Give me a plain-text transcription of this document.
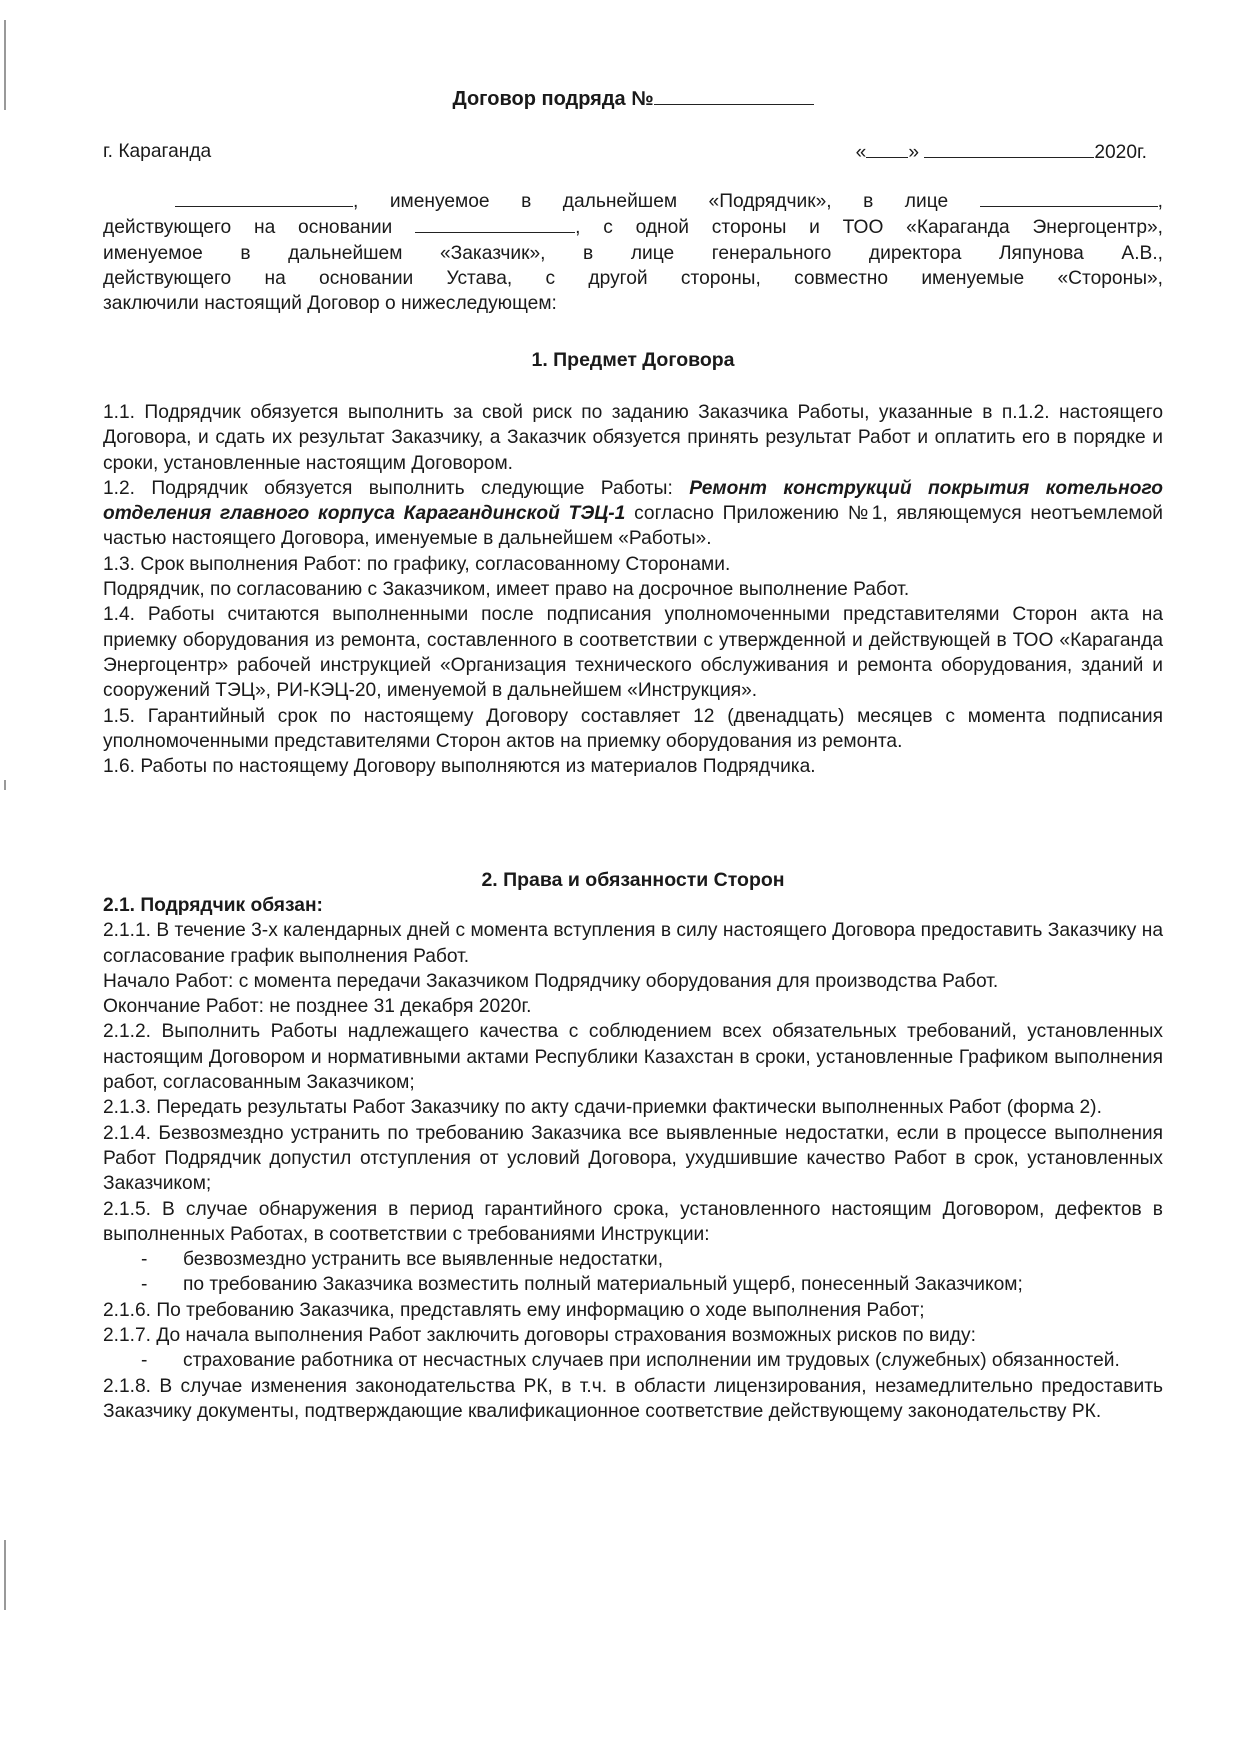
Договор подряда №
г. Караганда	« »	2020г.

, именуемое в дальнейшем «Подрядчик», в лице	,

действующего на основании	, с одной стороны и ТОО «Караганда Энергоцентр»,

именуемое в дальнейшем «Заказчик», в лице генерального директора Ляпунова А.В.,

действующего на основании Устава, с другой стороны, совместно именуемые «Стороны»,

заключили настоящий Договор о нижеследующем:

1. Предмет Договора

1.1. Подрядчик обязуется выполнить за свой риск по заданию Заказчика Работы, указанные в п.1.2. настоящего Договора, и сдать их результат Заказчику, а Заказчик обязуется принять результат Работ и оплатить его в порядке и сроки, установленные настоящим Договором.

1.2. Подрядчик обязуется выполнить следующие Работы: Ремонт конструкций покрытия котельного отделения главного корпуса Карагандинской ТЭЦ-1 согласно Приложению №1, являющемуся неотъемлемой частью настоящего Договора, именуемые в дальнейшем «Работы».

1.3. Срок выполнения Работ: по графику, согласованному Сторонами.

Подрядчик, по согласованию с Заказчиком, имеет право на досрочное выполнение Работ.

1.4. Работы считаются выполненными после подписания уполномоченными представителями Сторон акта на приемку оборудования из ремонта, составленного в соответствии с утвержденной и действующей в ТОО «Караганда Энергоцентр» рабочей инструкцией «Организация технического обслуживания и ремонта оборудования, зданий и сооружений ТЭЦ», РИ-КЭЦ-20, именуемой в дальнейшем «Инструкция».

1.5. Гарантийный срок по настоящему Договору составляет 12 (двенадцать) месяцев с момента подписания уполномоченными представителями Сторон актов на приемку оборудования из ремонта.

1.6. Работы по настоящему Договору выполняются из материалов Подрядчика.

2. Права и обязанности Сторон

2.1. Подрядчик обязан:

2.1.1. В течение 3-х календарных дней с момента вступления в силу настоящего Договора предоставить Заказчику на согласование график выполнения Работ.

Начало Работ: с момента передачи Заказчиком Подрядчику оборудования для производства Работ.

Окончание Работ: не позднее 31 декабря 2020г.

2.1.2. Выполнить Работы надлежащего качества с соблюдением всех обязательных требований, установленных настоящим Договором и нормативными актами Республики Казахстан в сроки, установленные Графиком выполнения работ, согласованным Заказчиком;

2.1.3. Передать результаты Работ Заказчику по акту сдачи-приемки фактически выполненных Работ (форма 2).

2.1.4. Безвозмездно устранить по требованию Заказчика все выявленные недостатки, если в процессе выполнения Работ Подрядчик допустил отступления от условий Договора, ухудшившие качество Работ в срок, установленных Заказчиком;

2.1.5. В случае обнаружения в период гарантийного срока, установленного настоящим Договором, дефектов в выполненных Работах, в соответствии с требованиями Инструкции:

- безвозмездно устранить все выявленные недостатки,

- по требованию Заказчика возместить полный материальный ущерб, понесенный Заказчиком;

2.1.6. По требованию Заказчика, представлять ему информацию о ходе выполнения Работ;

2.1.7. До начала выполнения Работ заключить договоры страхования возможных рисков по виду:

- страхование работника от несчастных случаев при исполнении им трудовых (служебных) обязанностей.

2.1.8. В случае изменения законодательства РК, в т.ч. в области лицензирования, незамедлительно предоставить Заказчику документы, подтверждающие квалификационное соответствие действующему законодательству РК.
